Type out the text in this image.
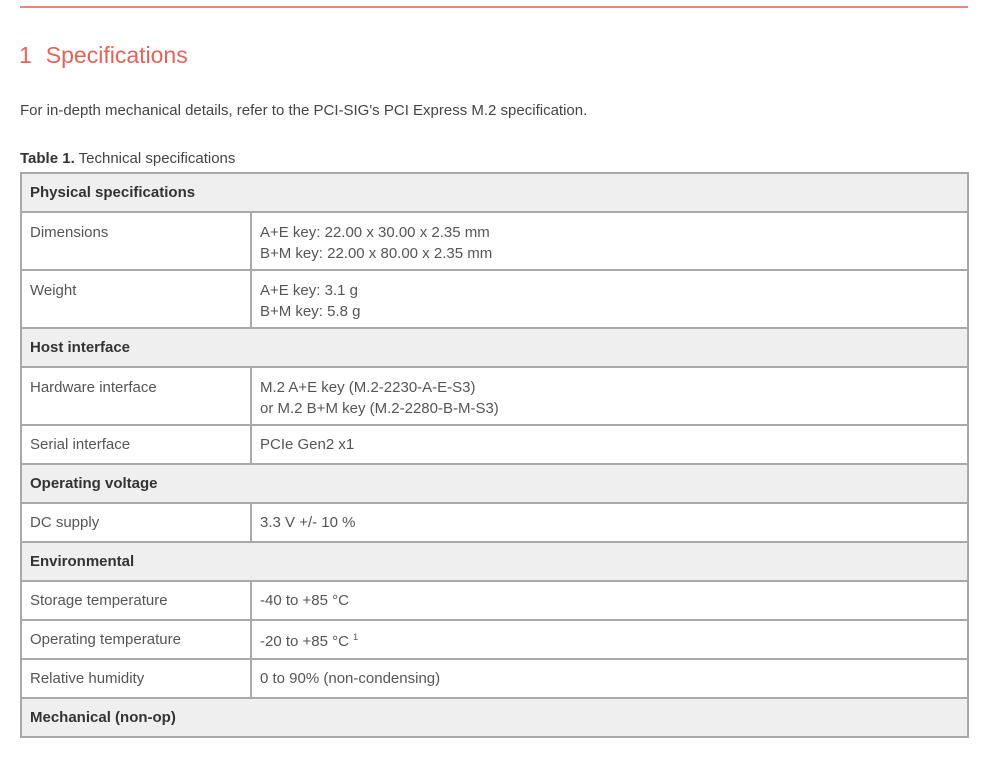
1 Specifications

For in-depth mechanical details, refer to the PCI-SIG's PCI Express M.2 specification.

Table 1. Technical specifications
Physical specifications	
Dimensions	A+E key: 22.00 x 30.00 x 2.35 mm
B+M key: 22.00 x 80.00 x 2.35 mm

Weight	A+E key: 3.1 g
B+M key: 5.8 g

Host interface	
Hardware interface	M.2 A+E key (M.2-2230-A-E-S3)
or M.2 B+M key (M.2-2280-B-M-S3)

Serial interface	PCIe Gen2 x1
Operating voltage	
DC supply	3.3 V +/- 10 %
Environmental	
Storage temperature	-40 to +85 °C
Operating temperature	-20 to +85 °C $^1$
Relative humidity	0 to 90% (non-condensing)
Mechanical (non-op)	
